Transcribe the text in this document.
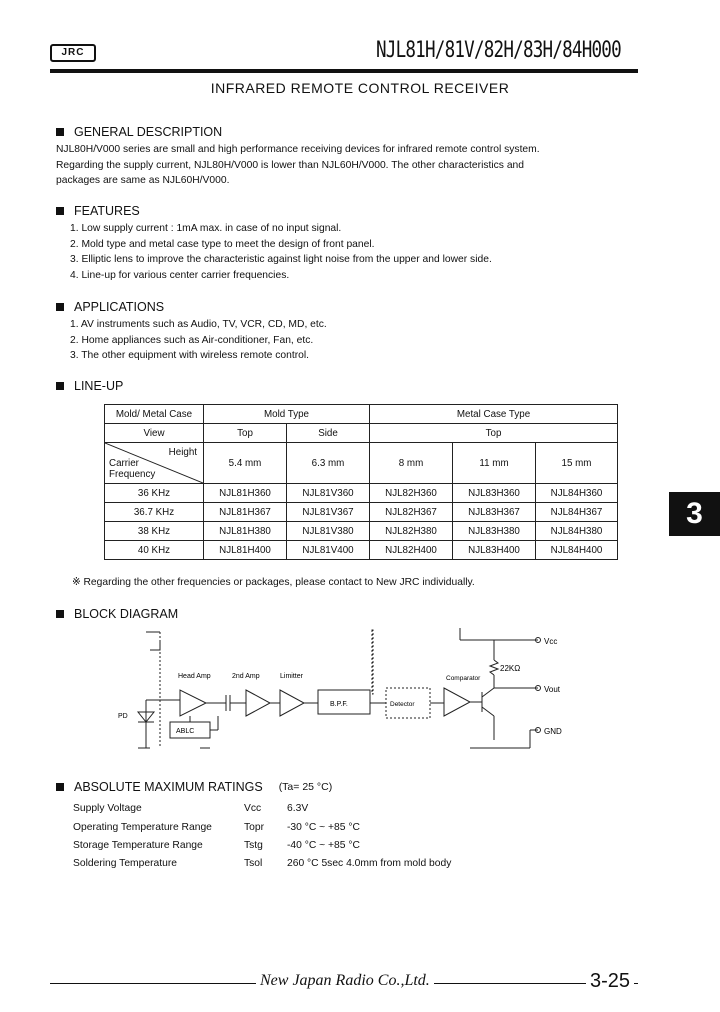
JRC	NJL81H/81V/82H/83H/84H000
INFRARED REMOTE CONTROL RECEIVER
GENERAL DESCRIPTION
NJL80H/V000 series are small and high performance receiving devices for infrared remote control system.
Regarding the supply current, NJL80H/V000 is lower than NJL60H/V000. The other characteristics and
packages are same as NJL60H/V000.
FEATURES
1. Low supply current : 1mA max. in case of no input signal.
2. Mold type and metal case type to meet the design of front panel.
3. Elliptic lens to improve the characteristic against light noise from the upper and lower side.
4. Line-up for various center carrier frequencies.
APPLICATIONS
1. AV instruments such as Audio, TV, VCR, CD, MD, etc.
2. Home appliances such as Air-conditioner, Fan, etc.
3. The other equipment with wireless remote control.
LINE-UP
Mold/ Metal Case	Mold Type		Metal Case Type		
View	Top	Side	Top		

Height
Carrier Frequency	5.4 mm	6.3 mm	8 mm	11 mm	15 mm
36 KHz	NJL81H360	NJL81V360	NJL82H360	NJL83H360	NJL84H360
36.7 KHz	NJL81H367	NJL81V367	NJL82H367	NJL83H367	NJL84H367
38 KHz	NJL81H380	NJL81V380	NJL82H380	NJL83H380	NJL84H380
40 KHz	NJL81H400	NJL81V400	NJL82H400	NJL83H400	NJL84H400
3
※ Regarding the other frequencies or packages, please contact to New JRC individually.
BLOCK DIAGRAM
Head Amp	2nd Amp	Limitter
B.P.F.	Detector
Comparator
PD
ABLC
22KΩ
Vcc
Vout
GND
ABSOLUTE MAXIMUM RATINGS (Ta= 25 °C)
Supply Voltage	Vcc	6.3V
Operating Temperature Range	Topr -30 °C ~ +85 °C
Storage Temperature Range	Tstg -40 °C ~ +85 °C
Soldering Temperature	Tsol 260 °C 5sec 4.0mm from mold body
New Japan Radio Co.,Ltd.	3-25
